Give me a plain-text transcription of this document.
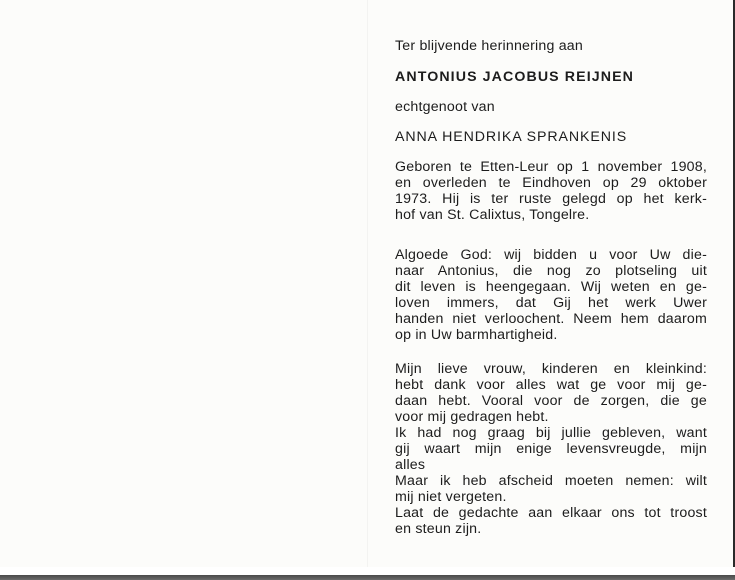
Ter blijvende herinnering aan
ANTONIUS JACOBUS REIJNEN
echtgenoot van
ANNA HENDRIKA SPRANKENIS
Geboren te Etten-Leur op 1 november 1908,
en overleden te Eindhoven op 29 oktober
1973. Hij is ter ruste gelegd op het kerk-
hof van St. Calixtus, Tongelre.
Algoede God: wij bidden u voor Uw die-
naar Antonius, die nog zo plotseling uit
dit leven is heengegaan. Wij weten en ge-
loven immers, dat Gij het werk Uwer
handen niet verloochent. Neem hem daarom
op in Uw barmhartigheid.
Mijn lieve vrouw, kinderen en kleinkind:
hebt dank voor alles wat ge voor mij ge-
daan hebt. Vooral voor de zorgen, die ge
voor mij gedragen hebt.
Ik had nog graag bij jullie gebleven, want
gij waart mijn enige levensvreugde, mijn
alles
Maar ik heb afscheid moeten nemen: wilt
mij niet vergeten.
Laat de gedachte aan elkaar ons tot troost
en steun zijn.
